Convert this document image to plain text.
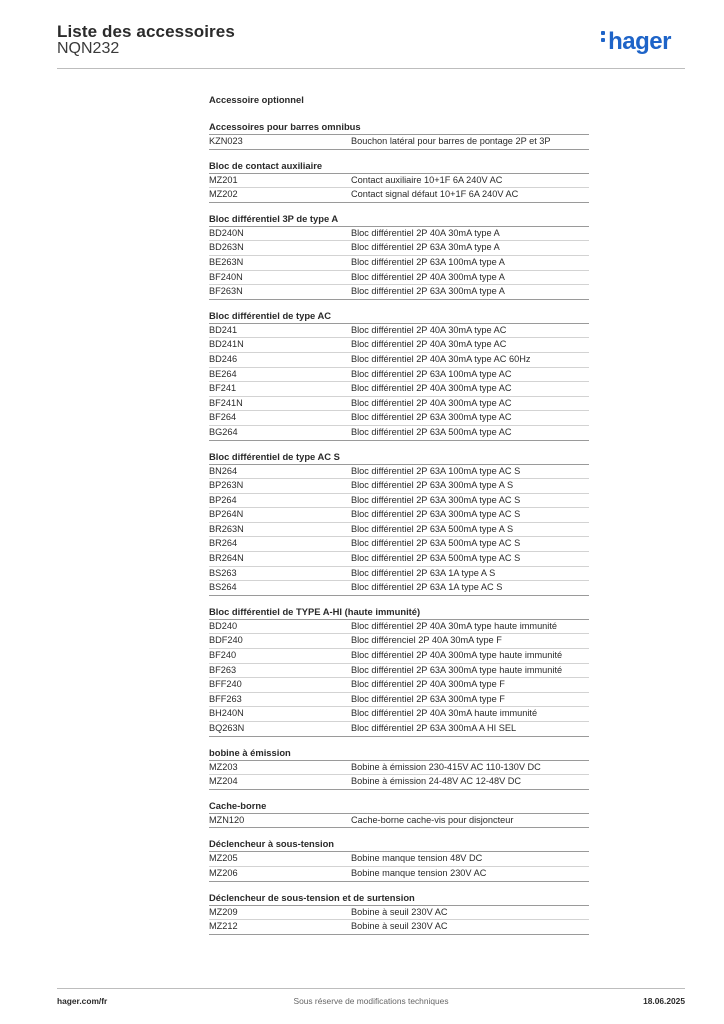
Liste des accessoires
NQN232	hager
Accessoire optionnel
Accessoires pour barres omnibus
KZN023	Bouchon latéral pour barres de pontage 2P et 3P
Bloc de contact auxiliaire
MZ201	Contact auxiliaire 10+1F 6A 240V AC
MZ202	Contact signal défaut 10+1F 6A 240V AC
Bloc différentiel 3P de type A
BD240N	Bloc différentiel 2P 40A 30mA type A
BD263N	Bloc différentiel 2P 63A 30mA type A
BE263N	Bloc différentiel 2P 63A 100mA type A
BF240N	Bloc différentiel 2P 40A 300mA type A
BF263N	Bloc différentiel 2P 63A 300mA type A
Bloc différentiel de type AC
BD241	Bloc différentiel 2P 40A 30mA type AC
BD241N	Bloc différentiel 2P 40A 30mA type AC
BD246	Bloc différentiel 2P 40A 30mA type AC 60Hz
BE264	Bloc différentiel 2P 63A 100mA type AC
BF241	Bloc différentiel 2P 40A 300mA type AC
BF241N	Bloc différentiel 2P 40A 300mA type AC
BF264	Bloc différentiel 2P 63A 300mA type AC
BG264	Bloc différentiel 2P 63A 500mA type AC
Bloc différentiel de type AC S
BN264	Bloc différentiel 2P 63A 100mA type AC S
BP263N	Bloc différentiel 2P 63A 300mA type A S
BP264	Bloc différentiel 2P 63A 300mA type AC S
BP264N	Bloc différentiel 2P 63A 300mA type AC S
BR263N	Bloc différentiel 2P 63A 500mA type A S
BR264	Bloc différentiel 2P 63A 500mA type AC S
BR264N	Bloc différentiel 2P 63A 500mA type AC S
BS263	Bloc différentiel 2P 63A 1A type A S
BS264	Bloc différentiel 2P 63A 1A type AC S
Bloc différentiel de TYPE A-HI (haute immunité)
BD240	Bloc différentiel 2P 40A 30mA type haute immunité
BDF240	Bloc différenciel 2P 40A 30mA type F
BF240	Bloc différentiel 2P 40A 300mA type haute immunité
BF263	Bloc différentiel 2P 63A 300mA type haute immunité
BFF240	Bloc différentiel 2P 40A 300mA type F
BFF263	Bloc différentiel 2P 63A 300mA type F
BH240N	Bloc différentiel 2P 40A 30mA haute immunité
BQ263N	Bloc différentiel 2P 63A 300mA A HI SEL
bobine à émission
MZ203	Bobine à émission 230-415V AC 110-130V DC
MZ204	Bobine à émission 24-48V AC 12-48V DC
Cache-borne
MZN120	Cache-borne cache-vis pour disjoncteur
Déclencheur à sous-tension
MZ205	Bobine manque tension 48V DC
MZ206	Bobine manque tension 230V AC
Déclencheur de sous-tension et de surtension
MZ209	Bobine à seuil 230V AC
MZ212	Bobine à seuil 230V AC
Sous réserve de modifications techniques
hager.com/fr	18.06.2025
